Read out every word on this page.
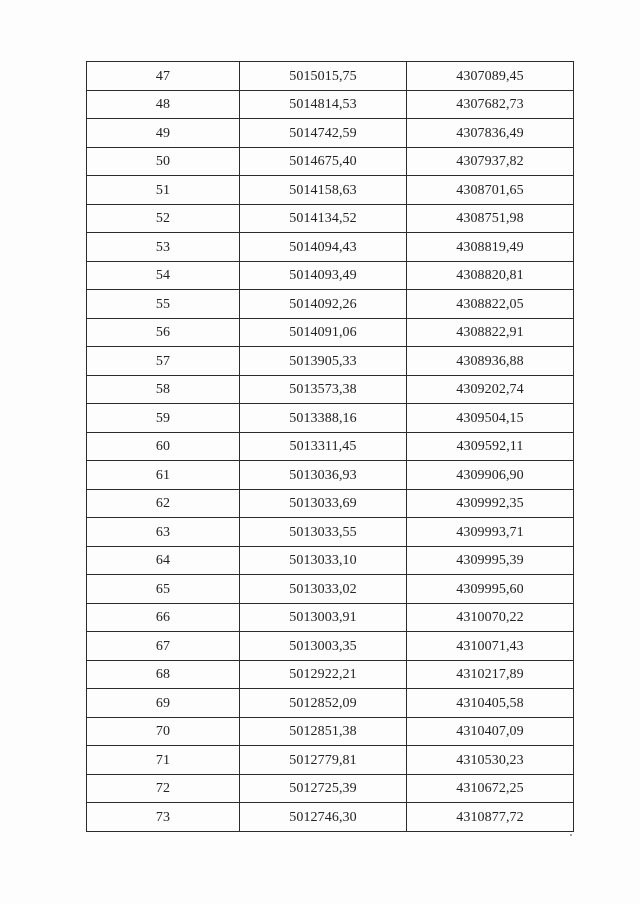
47	5015015,75	4307089,45
48	5014814,53	4307682,73
49	5014742,59	4307836,49
50	5014675,40	4307937,82
51	5014158,63	4308701,65
52	5014134,52	4308751,98
53	5014094,43	4308819,49
54	5014093,49	4308820,81
55	5014092,26	4308822,05
56	5014091,06	4308822,91
57	5013905,33	4308936,88
58	5013573,38	4309202,74
59	5013388,16	4309504,15
60	5013311,45	4309592,11
61	5013036,93	4309906,90
62	5013033,69	4309992,35
63	5013033,55	4309993,71
64	5013033,10	4309995,39
65	5013033,02	4309995,60
66	5013003,91	4310070,22
67	5013003,35	4310071,43
68	5012922,21	4310217,89
69	5012852,09	4310405,58
70	5012851,38	4310407,09
71	5012779,81	4310530,23
72	5012725,39	4310672,25
73	5012746,30	4310877,72
